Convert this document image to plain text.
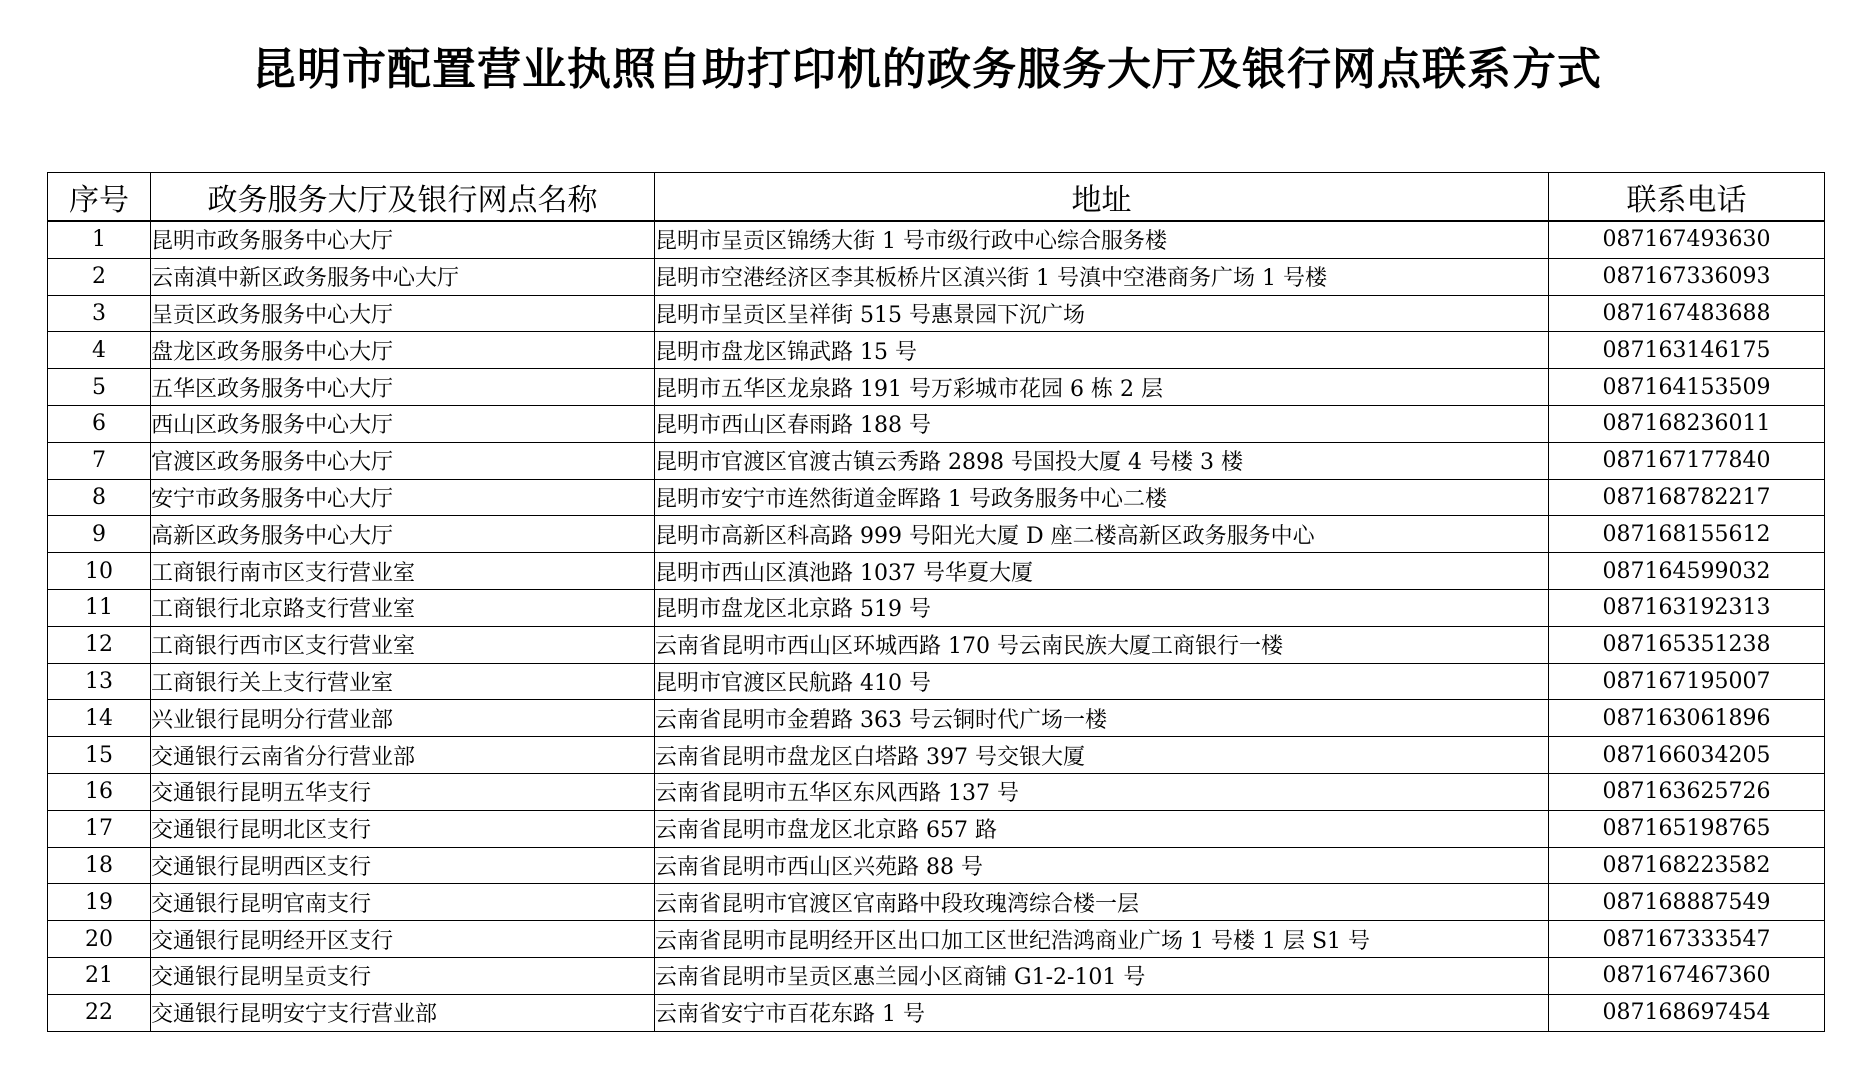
昆明市配置营业执照自助打印机的政务服务大厅及银行网点联系方式
序号	政务服务大厅及银行网点名称	地址	联系电话
1	昆明市政务服务中心大厅	昆明市呈贡区锦绣大街 1 号市级行政中心综合服务楼	087167493630
2	云南滇中新区政务服务中心大厅	昆明市空港经济区李其板桥片区滇兴街 1 号滇中空港商务广场 1 号楼	087167336093
3	呈贡区政务服务中心大厅	昆明市呈贡区呈祥街 515 号惠景园下沉广场	087167483688
4	盘龙区政务服务中心大厅	昆明市盘龙区锦武路 15 号	087163146175
5	五华区政务服务中心大厅	昆明市五华区龙泉路 191 号万彩城市花园 6 栋 2 层	087164153509
6	西山区政务服务中心大厅	昆明市西山区春雨路 188 号	087168236011
7	官渡区政务服务中心大厅	昆明市官渡区官渡古镇云秀路 2898 号国投大厦 4 号楼 3 楼	087167177840
8	安宁市政务服务中心大厅	昆明市安宁市连然街道金晖路 1 号政务服务中心二楼	087168782217
9	高新区政务服务中心大厅	昆明市高新区科高路 999 号阳光大厦 D 座二楼高新区政务服务中心	087168155612
10	工商银行南市区支行营业室	昆明市西山区滇池路 1037 号华夏大厦	087164599032
11	工商银行北京路支行营业室	昆明市盘龙区北京路 519 号	087163192313
12	工商银行西市区支行营业室	云南省昆明市西山区环城西路 170 号云南民族大厦工商银行一楼	087165351238
13	工商银行关上支行营业室	昆明市官渡区民航路 410 号	087167195007
14	兴业银行昆明分行营业部	云南省昆明市金碧路 363 号云铜时代广场一楼	087163061896
15	交通银行云南省分行营业部	云南省昆明市盘龙区白塔路 397 号交银大厦	087166034205
16	交通银行昆明五华支行	云南省昆明市五华区东风西路 137 号	087163625726
17	交通银行昆明北区支行	云南省昆明市盘龙区北京路 657 路	087165198765
18	交通银行昆明西区支行	云南省昆明市西山区兴苑路 88 号	087168223582
19	交通银行昆明官南支行	云南省昆明市官渡区官南路中段玫瑰湾综合楼一层	087168887549
20	交通银行昆明经开区支行	云南省昆明市昆明经开区出口加工区世纪浩鸿商业广场 1 号楼 1 层 S1 号	087167333547
21	交通银行昆明呈贡支行	云南省昆明市呈贡区惠兰园小区商铺 G1-2-101 号	087167467360
22	交通银行昆明安宁支行营业部	云南省安宁市百花东路 1 号	087168697454
